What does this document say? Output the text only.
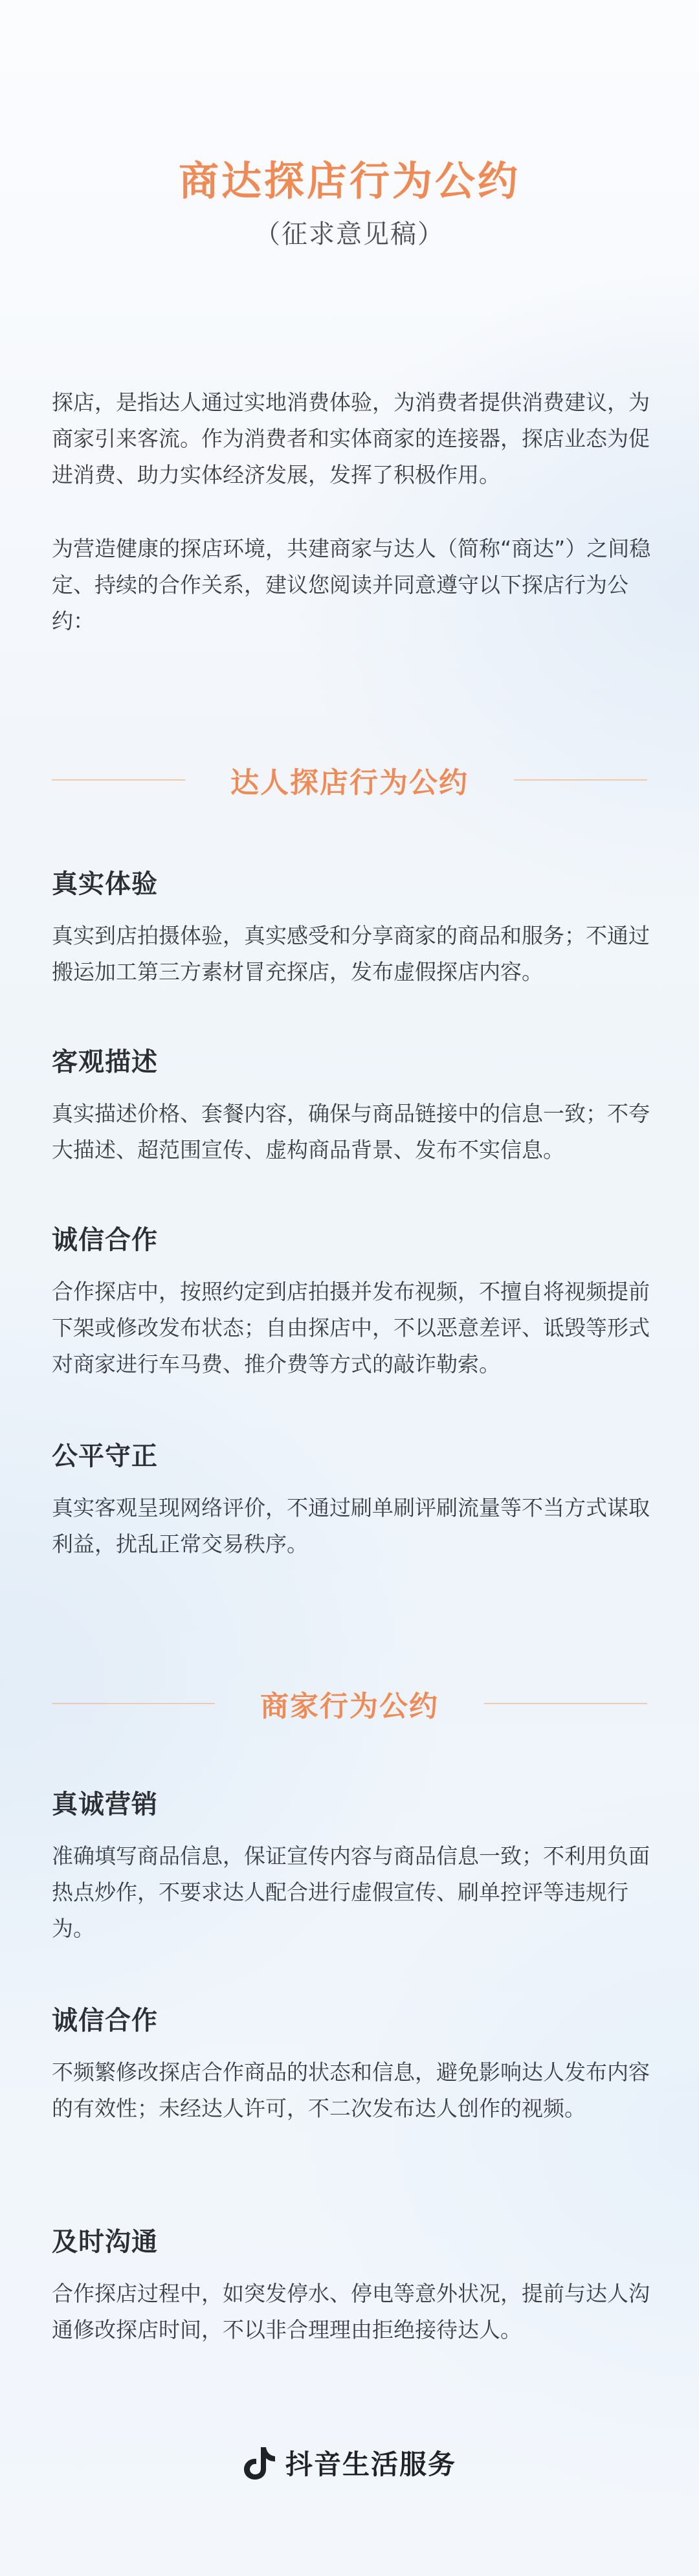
商达探店行为公约
（征求意见稿）
探店，是指达人通过实地消费体验，为消费者提供消费建议，为商家引来客流。作为消费者和实体商家的连接器，探店业态为促进消费、助力实体经济发展，发挥了积极作用。
为营造健康的探店环境，共建商家与达人（简称“商达”）之间稳定、持续的合作关系，建议您阅读并同意遵守以下探店行为公约：
达人探店行为公约
真实体验
真实到店拍摄体验，真实感受和分享商家的商品和服务；不通过搬运加工第三方素材冒充探店，发布虚假探店内容。
客观描述
真实描述价格、套餐内容，确保与商品链接中的信息一致；不夸大描述、超范围宣传、虚构商品背景、发布不实信息。
诚信合作
合作探店中，按照约定到店拍摄并发布视频，不擅自将视频提前下架或修改发布状态；自由探店中，不以恶意差评、诋毁等形式对商家进行车马费、推介费等方式的敲诈勒索。
公平守正
真实客观呈现网络评价，不通过刷单刷评刷流量等不当方式谋取利益，扰乱正常交易秩序。
商家行为公约
真诚营销
准确填写商品信息，保证宣传内容与商品信息一致；不利用负面热点炒作，不要求达人配合进行虚假宣传、刷单控评等违规行为。
诚信合作
不频繁修改探店合作商品的状态和信息，避免影响达人发布内容的有效性；未经达人许可，不二次发布达人创作的视频。
及时沟通
合作探店过程中，如突发停水、停电等意外状况，提前与达人沟通修改探店时间，不以非合理理由拒绝接待达人。
抖音生活服务
